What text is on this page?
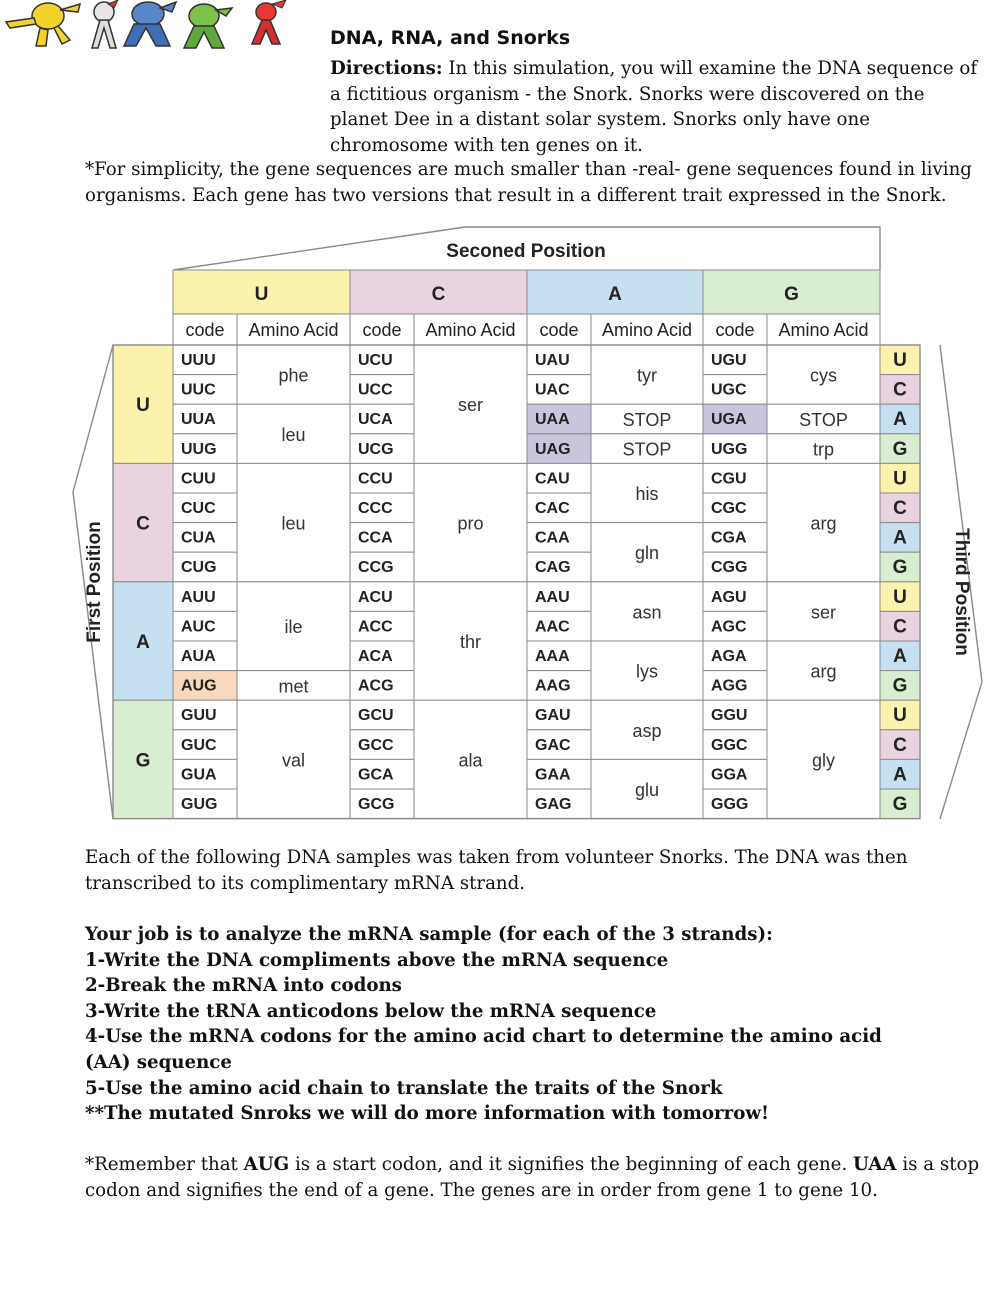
DNA, RNA, and Snorks
Directions: In this simulation, you will examine the DNA sequence of a fictitious organism - the Snork. Snorks were discovered on the planet Dee in a distant solar system. Snorks only have one chromosome with ten genes on it.
*For simplicity, the gene sequences are much smaller than -real- gene sequences found in living organisms. Each gene has two versions that result in a different trait expressed in the Snork.
Seconed Position
U
code Amino Acid
C
code Amino Acid
A
code Amino Acid
G
code Amino Acid
U
C
A
G
First Position
U
C
A
G
U
C
A
G
U
C
A
G
U
C
A
G
Third Position
UUU
UUC
UUA
UUG
CUU
CUC
CUA
CUG
AUU
AUC
AUA
AUG
GUU
GUC
GUA
GUG
phe
leu
leu
ile
met
val
UCU
UCC
UCA
UCG
CCU
CCC
CCA
CCG
ACU
ACC
ACA
ACG
GCU
GCC
GCA
GCG
ser
pro
thr
ala
UAU
UAC
UAA
UAG
CAU
CAC
CAA
CAG
AAU
AAC
AAA
AAG
GAU
GAC
GAA
GAG
tyr
STOP
STOP
his
gln
asn
lys
asp
glu
UGU
UGC
UGA
UGG
CGU
CGC
CGA
CGG
AGU
AGC
AGA
AGG
GGU
GGC
GGA
GGG
cys
STOP
trp
arg
ser
arg
gly
Each of the following DNA samples was taken from volunteer Snorks. The DNA was then transcribed to its complimentary mRNA strand.
Your job is to analyze the mRNA sample (for each of the 3 strands):
1-Write the DNA compliments above the mRNA sequence
2-Break the mRNA into codons
3-Write the tRNA anticodons below the mRNA sequence
4-Use the mRNA codons for the amino acid chart to determine the amino acid
(AA) sequence
5-Use the amino acid chain to translate the traits of the Snork
**The mutated Snroks we will do more information with tomorrow!
*Remember that AUG is a start codon, and it signifies the beginning of each gene. UAA is a stop codon and signifies the end of a gene. The genes are in order from gene 1 to gene 10.
